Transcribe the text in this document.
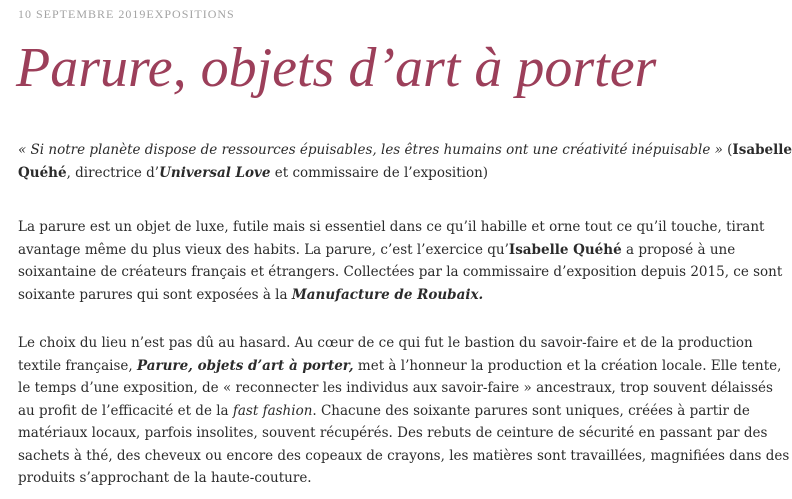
10 SEPTEMBRE 2019EXPOSITIONS
Parure, objets d’art à porter

« Si notre planète dispose de ressources épuisables, les êtres humains ont une créativité inépuisable » (Isabelle
Quéhé, directrice d’Universal Love et commissaire de l’exposition)

La parure est un objet de luxe, futile mais si essentiel dans ce qu’il habille et orne tout ce qu’il touche, tirant
avantage même du plus vieux des habits. La parure, c’est l’exercice qu’Isabelle Quéhé a proposé à une
soixantaine de créateurs français et étrangers. Collectées par la commissaire d’exposition depuis 2015, ce sont
soixante parures qui sont exposées à la Manufacture de Roubaix.

Le choix du lieu n’est pas dû au hasard. Au cœur de ce qui fut le bastion du savoir-faire et de la production
textile française, Parure, objets d’art à porter, met à l’honneur la production et la création locale. Elle tente,
le temps d’une exposition, de « reconnecter les individus aux savoir-faire » ancestraux, trop souvent délaissés
au profit de l’efficacité et de la fast fashion. Chacune des soixante parures sont uniques, créées à partir de
matériaux locaux, parfois insolites, souvent récupérés. Des rebuts de ceinture de sécurité en passant par des
sachets à thé, des cheveux ou encore des copeaux de crayons, les matières sont travaillées, magnifiées dans des
produits s’approchant de la haute-couture.
